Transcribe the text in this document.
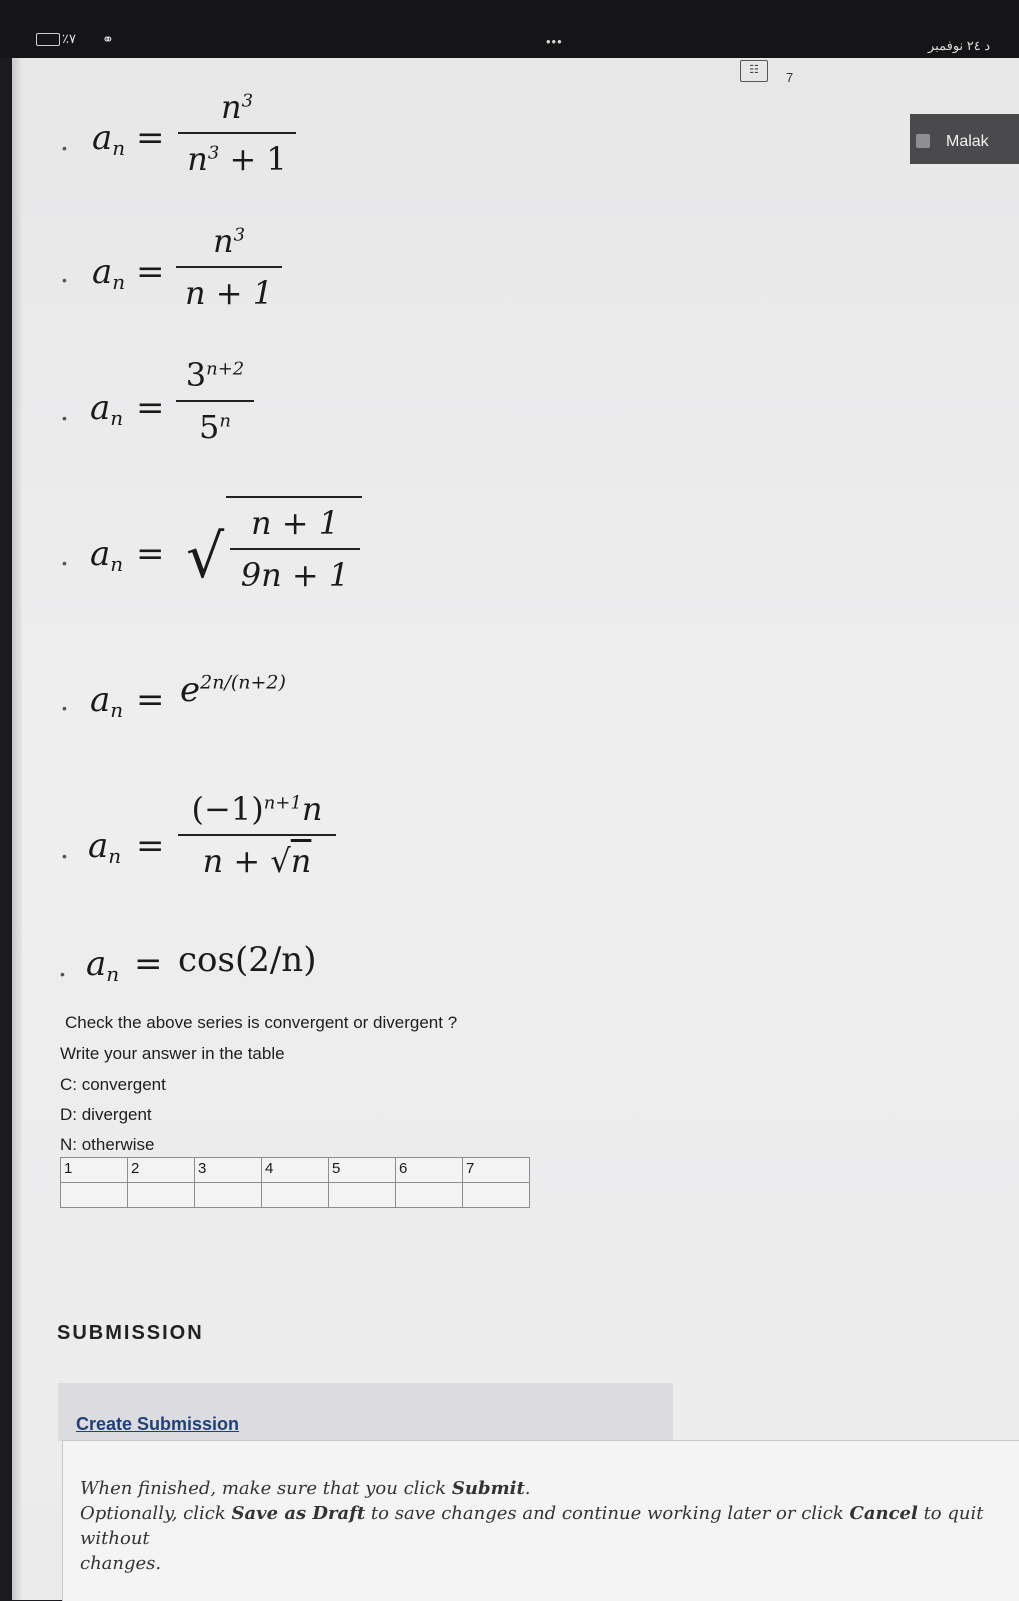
٪٧ ⚭	•••	د ٢٤ نوفمبر
☷	7
Malak
• $a_n$ =
$n^3$
$n^3 + 1$
• $a_n$ =
$n^3$
n + 1
• $a_n$ =
$3^{n+2}$
5$^n$
• $a_n$ = √ n + 1
9n + 1
• $a_n = e^{2n/(n+2)}$
• $a_n$ =
$(-1)^{n+1}n$
n + √n
• $a_n = \cos(2/n)$
Check the above series is convergent or divergent ?
Write your answer in the table
C: convergent
D: divergent
N: otherwise
1	2	3	4	5	6	7

SUBMISSION
Create Submission
When finished, make sure that you click Submit.
Optionally, click Save as Draft to save changes and continue working later or click Cancel to quit without
changes.
